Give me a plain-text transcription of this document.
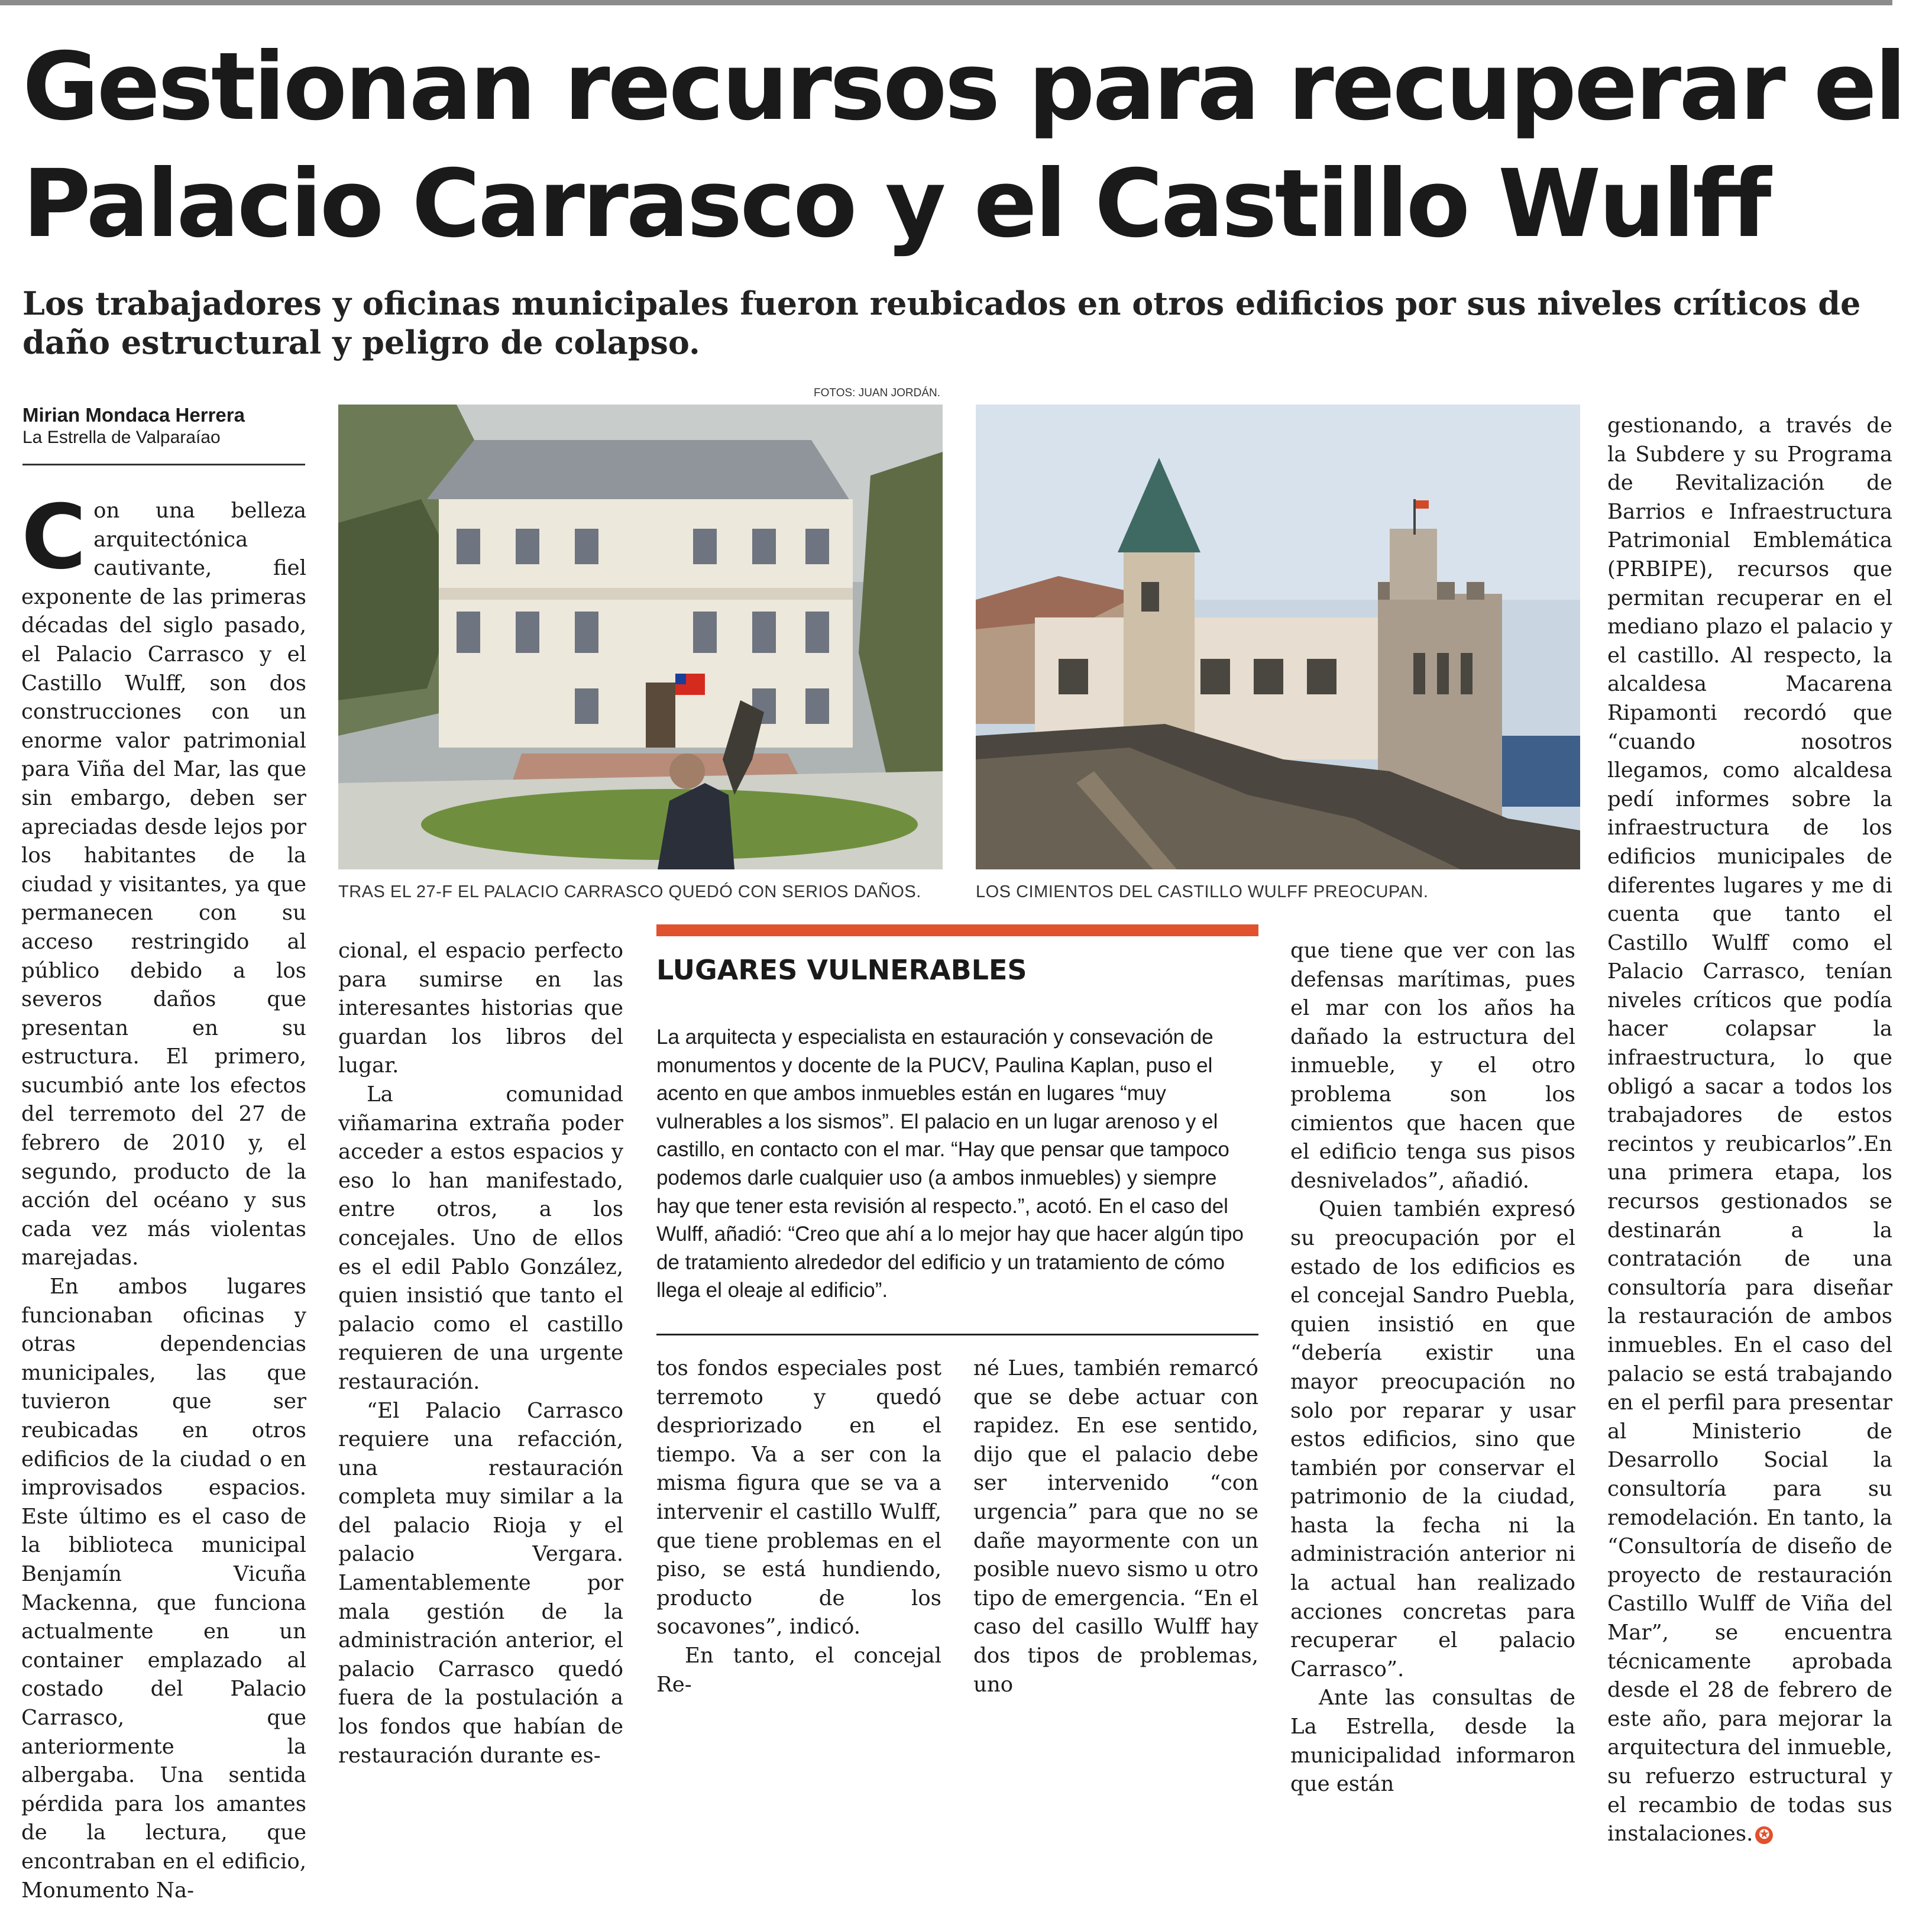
Gestionan recursos para recuperar el
Palacio Carrasco y el Castillo Wulff
Los trabajadores y oficinas municipales fueron reubicados en otros edificios por sus niveles críticos de daño estructural y peligro de colapso.
Mirian Mondaca Herrera
La Estrella de Valparaíao

Con una belleza arquitectónica cautivante, fiel exponente de las primeras décadas del siglo pasado, el Palacio Carrasco y el Castillo Wulff, son dos construcciones con un enorme valor patrimonial para Viña del Mar, las que sin embargo, deben ser apreciadas desde lejos por los habitantes de la ciudad y visitantes, ya que permanecen con su acceso restringido al público debido a los severos daños que presentan en su estructura. El primero, sucumbió ante los efectos del terremoto del 27 de febrero de 2010 y, el segundo, producto de la acción del océano y sus cada vez más violentas marejadas.

En ambos lugares funcionaban oficinas y otras dependencias municipales, las que tuvieron que ser reubicadas en otros edificios de la ciudad o en improvisados espacios. Este último es el caso de la biblioteca municipal Benjamín Vicuña Mackenna, que funciona actualmente en un container emplazado al costado del Palacio Carrasco, que anteriormente la albergaba. Una sentida pérdida para los amantes de la lectura, que encontraban en el edificio, Monumento Na-

FOTOS: JUAN JORDÁN.
TRAS EL 27-F EL PALACIO CARRASCO QUEDÓ CON SERIOS DAÑOS.	LOS CIMIENTOS DEL CASTILLO WULFF PREOCUPAN.

cional, el espacio perfecto para sumirse en las interesantes historias que guardan los libros del lugar.

La comunidad viñamarina extraña poder acceder a estos espacios y eso lo han manifestado, entre otros, a los concejales. Uno de ellos es el edil Pablo González, quien insistió que tanto el palacio como el castillo requieren de una urgente restauración.

“El Palacio Carrasco requiere una refacción, una restauración completa muy similar a la del palacio Rioja y el palacio Vergara. Lamentablemente por mala gestión de la administración anterior, el palacio Carrasco quedó fuera de la postulación a los fondos que habían de restauración durante es-

LUGARES VULNERABLES
La arquitecta y especialista en estauración y consevación de monumentos y docente de la PUCV, Paulina Kaplan, puso el acento en que ambos inmuebles están en lugares “muy vulnerables a los sismos”. El palacio en un lugar arenoso y el castillo, en contacto con el mar. “Hay que pensar que tampoco podemos darle cualquier uso (a ambos inmuebles) y siempre hay que tener esta revisión al respecto.”, acotó. En el caso del Wulff, añadió: “Creo que ahí a lo mejor hay que hacer algún tipo de tratamiento alrededor del edificio y un tratamiento de cómo llega el oleaje al edificio”.

tos fondos especiales post terremoto y quedó despriorizado en el tiempo. Va a ser con la misma figura que se va a intervenir el castillo Wulff, que tiene problemas en el piso, se está hundiendo, producto de los socavones”, indicó.

En tanto, el concejal Re-

né Lues, también remarcó que se debe actuar con rapidez. En ese sentido, dijo que el palacio debe ser intervenido “con urgencia” para que no se dañe mayormente con un posible nuevo sismo u otro tipo de emergencia. “En el caso del casillo Wulff hay dos tipos de problemas, uno

que tiene que ver con las defensas marítimas, pues el mar con los años ha dañado la estructura del inmueble, y el otro problema son los cimientos que hacen que el edificio tenga sus pisos desnivelados”, añadió.

Quien también expresó su preocupación por el estado de los edificios es el concejal Sandro Puebla, quien insistió en que “debería existir una mayor preocupación no solo por reparar y usar estos edificios, sino que también por conservar el patrimonio de la ciudad, hasta la fecha ni la administración anterior ni la actual han realizado acciones concretas para recuperar el palacio Carrasco”.

Ante las consultas de La Estrella, desde la municipalidad informaron que están

gestionando, a través de la Subdere y su Programa de Revitalización de Barrios e Infraestructura Patrimonial Emblemática (PRBIPE), recursos que permitan recuperar en el mediano plazo el palacio y el castillo. Al respecto, la alcaldesa Macarena Ripamonti recordó que “cuando nosotros llegamos, como alcaldesa pedí informes sobre la infraestructura de los edificios municipales de diferentes lugares y me di cuenta que tanto el Castillo Wulff como el Palacio Carrasco, tenían niveles críticos que podía hacer colapsar la infraestructura, lo que obligó a sacar a todos los trabajadores de estos recintos y reubicarlos”.En una primera etapa, los recursos gestionados se destinarán a la contratación de una consultoría para diseñar la restauración de ambos inmuebles. En el caso del palacio se está trabajando en el perfil para presentar al Ministerio de Desarrollo Social la consultoría para su remodelación. En tanto, la “Consultoría de diseño de proyecto de restauración Castillo Wulff de Viña del Mar”, se encuentra técnicamente aprobada desde el 28 de febrero de este año, para mejorar la arquitectura del inmueble, su refuerzo estructural y el recambio de todas sus instalaciones. ✪
